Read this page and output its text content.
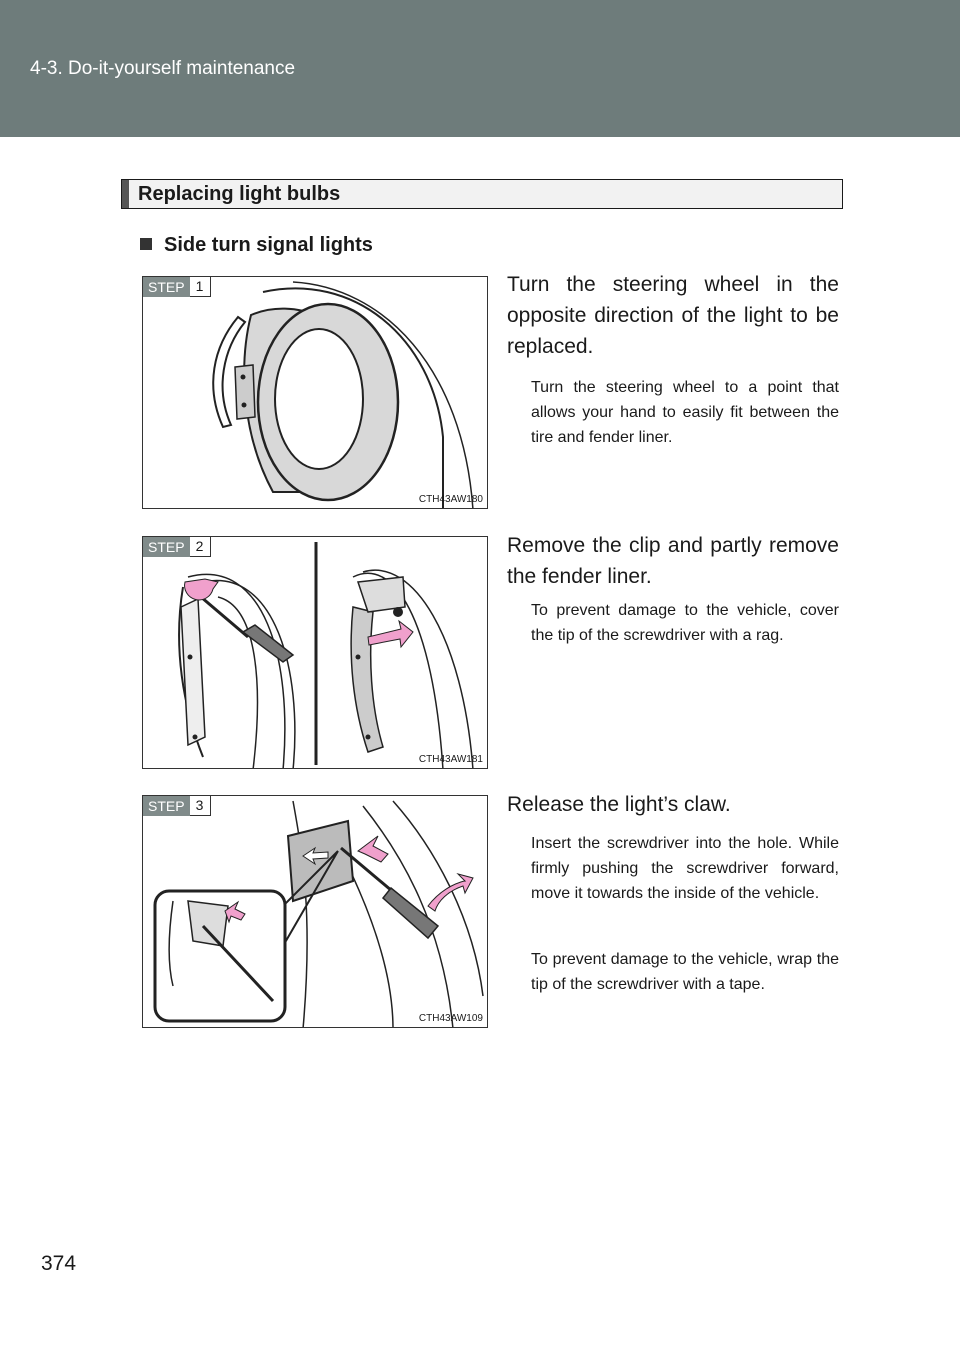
4-3. Do-it-yourself maintenance
Replacing light bulbs
Side turn signal lights
STEP 1
CTH43AW180
Turn the steering wheel in the opposite direction of the light to be replaced.
Turn the steering wheel to a point that allows your hand to easily fit between the tire and fender liner.
STEP 2
CTH43AW181
Remove the clip and partly remove the fender liner.
To prevent damage to the vehicle, cover the tip of the screwdriver with a rag.
STEP 3
CTH43AW109
Release the light’s claw.
Insert the screwdriver into the hole. While firmly pushing the screwdriver forward, move it towards the inside of the vehicle.
To prevent damage to the vehicle, wrap the tip of the screwdriver with a tape.
374
